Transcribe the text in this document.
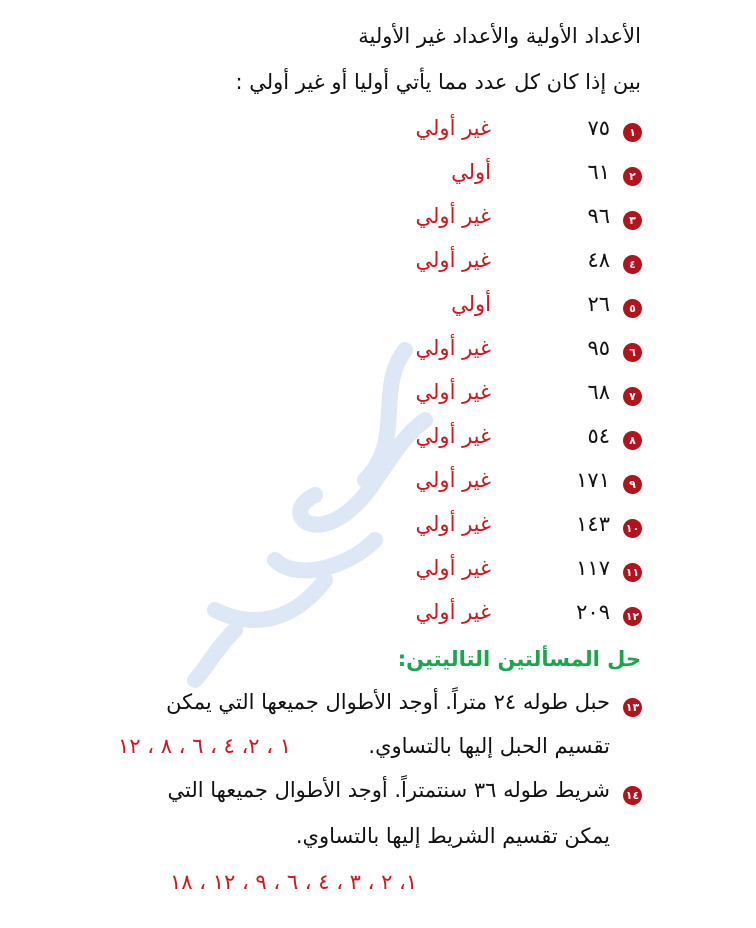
الأعداد الأولية والأعداد غير الأولية
بين إذا كان كل عدد مما يأتي أوليا أو غير أولي :
١
٧٥
غير أولي
٢
٦١
أولي
٣
٩٦
غير أولي
٤
٤٨
غير أولي
٥
٢٦
أولي
٦
٩٥
غير أولي
٧
٦٨
غير أولي
٨
٥٤
غير أولي
٩
١٧١
غير أولي
١٠
١٤٣
غير أولي
١١
١١٧
غير أولي
١٢
٢٠٩
غير أولي
حل المسألتين التاليتين:
١٣
حبل طوله ٢٤ متراً. أوجد الأطوال جميعها التي يمكن
تقسيم الحبل إليها بالتساوي.
١ ، ٢، ٤ ، ٦ ، ٨ ، ١٢
١٤
شريط طوله ٣٦ سنتمتراً. أوجد الأطوال جميعها التي
يمكن تقسيم الشريط إليها بالتساوي.
١، ٢ ، ٣ ، ٤ ، ٦ ، ٩ ، ١٢ ، ١٨
